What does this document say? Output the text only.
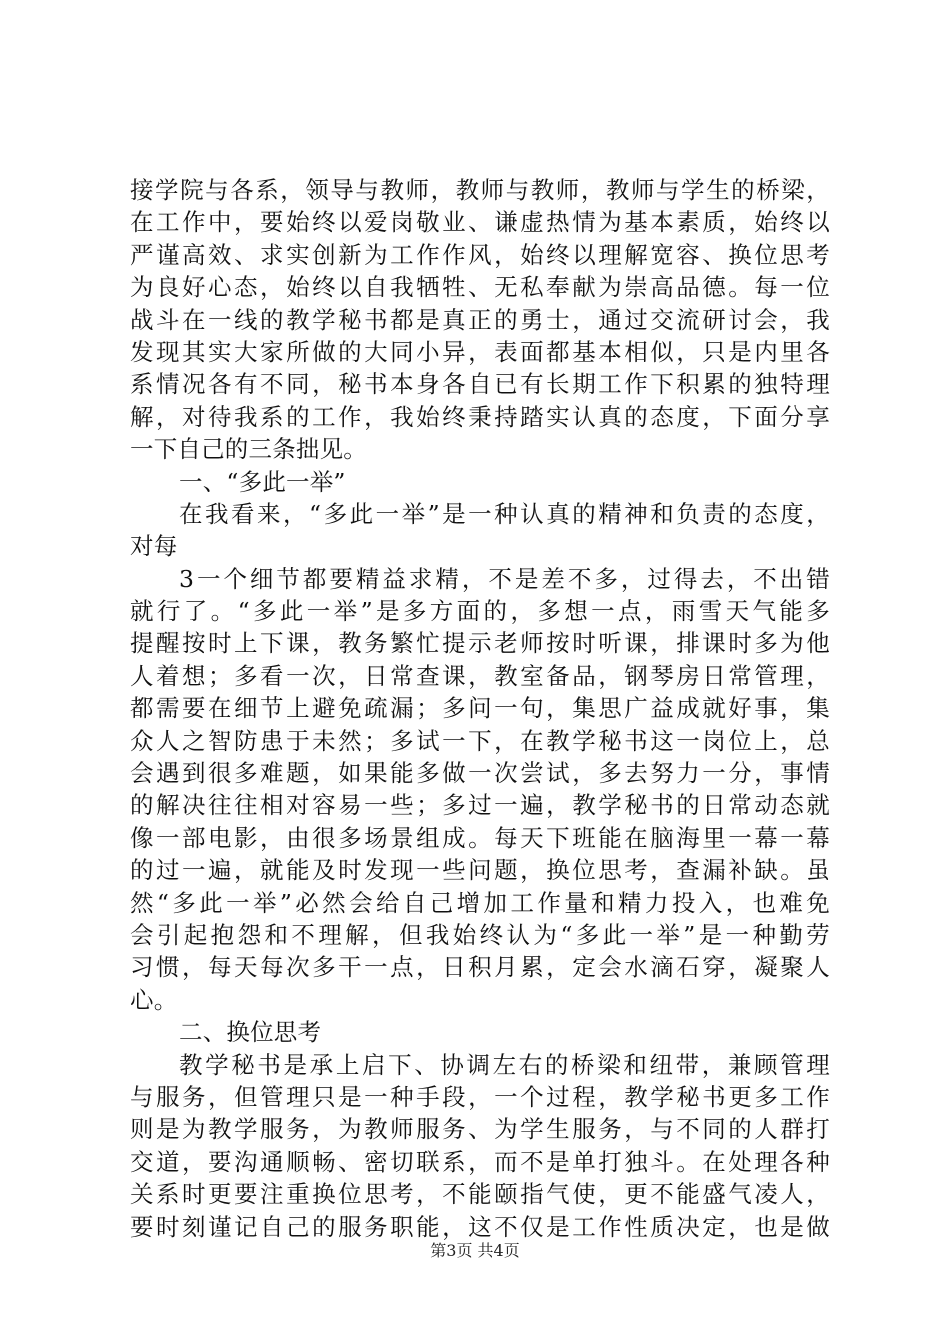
接学院与各系，领导与教师，教师与教师，教师与学生的桥梁，
在工作中，要始终以爱岗敬业、谦虚热情为基本素质，始终以
严谨高效、求实创新为工作作风，始终以理解宽容、换位思考
为良好心态，始终以自我牺牲、无私奉献为崇高品德。每一位
战斗在一线的教学秘书都是真正的勇士，通过交流研讨会，我
发现其实大家所做的大同小异，表面都基本相似，只是内里各
系情况各有不同，秘书本身各自已有长期工作下积累的独特理
解，对待我系的工作，我始终秉持踏实认真的态度，下面分享
一下自己的三条拙见。
一、“多此一举”
在我看来，“多此一举”是一种认真的精神和负责的态度，
对每
3一个细节都要精益求精，不是差不多，过得去，不出错
就行了。“多此一举”是多方面的，多想一点，雨雪天气能多
提醒按时上下课，教务繁忙提示老师按时听课，排课时多为他
人着想；多看一次，日常查课，教室备品，钢琴房日常管理，
都需要在细节上避免疏漏；多问一句，集思广益成就好事，集
众人之智防患于未然；多试一下，在教学秘书这一岗位上，总
会遇到很多难题，如果能多做一次尝试，多去努力一分，事情
的解决往往相对容易一些；多过一遍，教学秘书的日常动态就
像一部电影，由很多场景组成。每天下班能在脑海里一幕一幕
的过一遍，就能及时发现一些问题，换位思考，查漏补缺。虽
然“多此一举”必然会给自己增加工作量和精力投入，也难免
会引起抱怨和不理解，但我始终认为“多此一举”是一种勤劳
习惯，每天每次多干一点，日积月累，定会水滴石穿，凝聚人
心。
二、换位思考
教学秘书是承上启下、协调左右的桥梁和纽带，兼顾管理
与服务，但管理只是一种手段，一个过程，教学秘书更多工作
则是为教学服务，为教师服务、为学生服务，与不同的人群打
交道，要沟通顺畅、密切联系，而不是单打独斗。在处理各种
关系时更要注重换位思考，不能颐指气使，更不能盛气凌人，
要时刻谨记自己的服务职能，这不仅是工作性质决定，也是做
第3页 共4页
